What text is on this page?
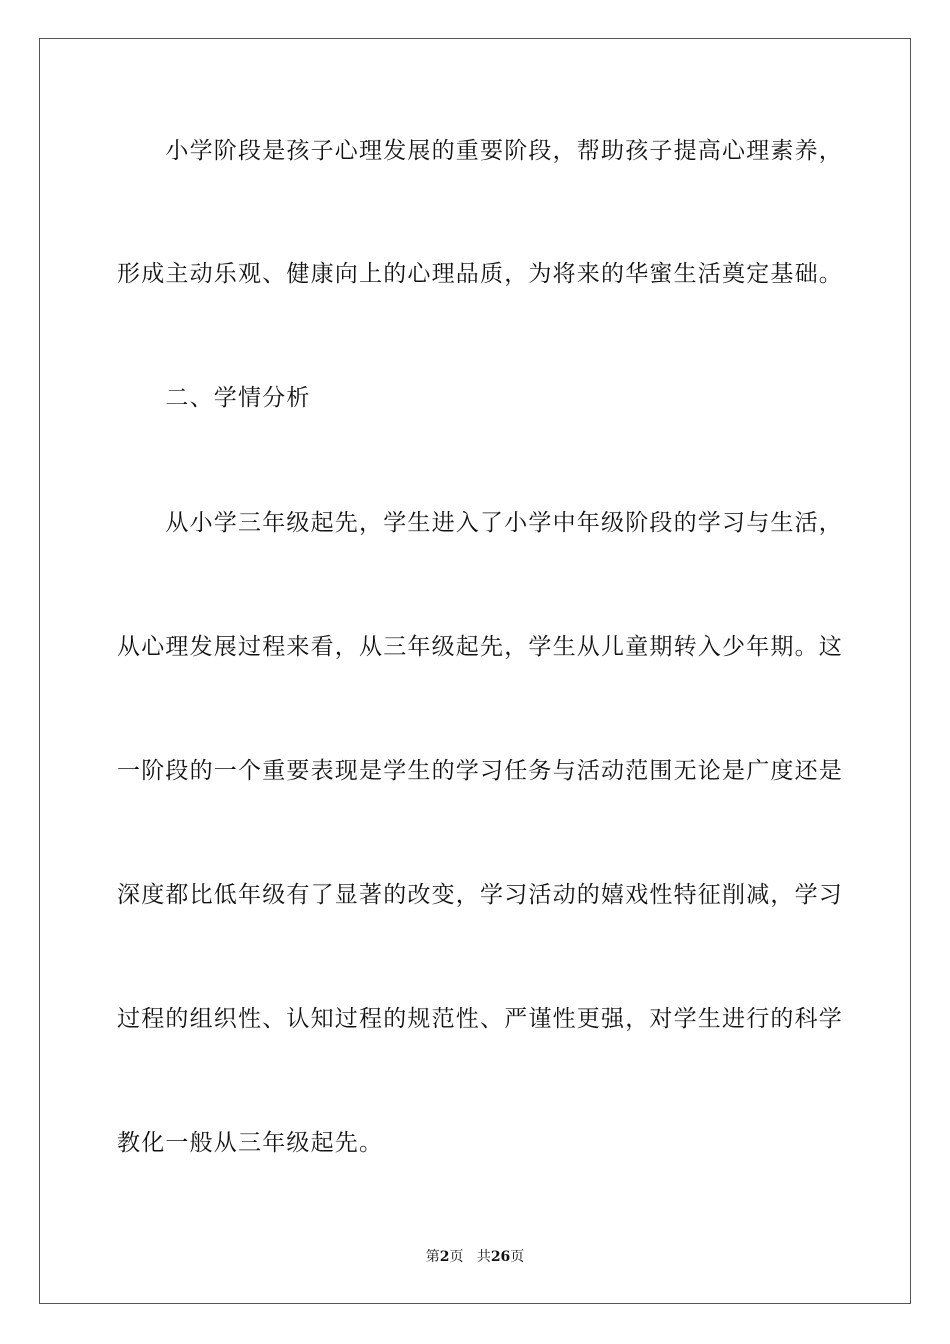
　　小学阶段是孩子心理发展的重要阶段，帮助孩子提高心理素养，
形成主动乐观、健康向上的心理品质，为将来的华蜜生活奠定基础。
　　二、学情分析
　　从小学三年级起先，学生进入了小学中年级阶段的学习与生活，
从心理发展过程来看，从三年级起先，学生从儿童期转入少年期。这
一阶段的一个重要表现是学生的学习任务与活动范围无论是广度还是
深度都比低年级有了显著的改变，学习活动的嬉戏性特征削减，学习
过程的组织性、认知过程的规范性、严谨性更强，对学生进行的科学
教化一般从三年级起先。
第2页 共26页
